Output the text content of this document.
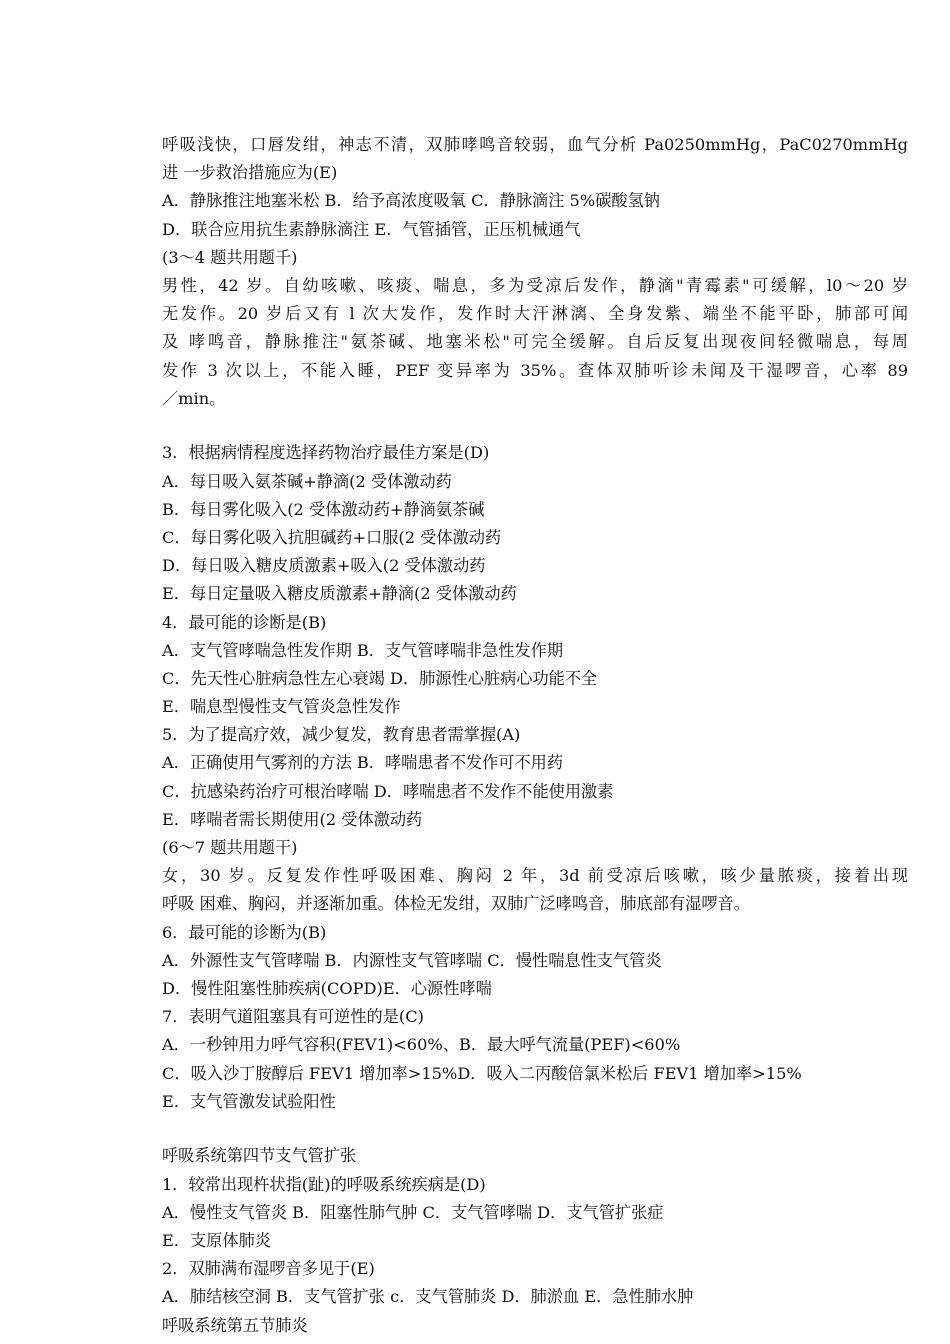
呼吸浅快，口唇发绀，神志不清，双肺哮鸣音较弱，血气分析 Pa0250mmHg，PaC0270mmHg
进 一步救治措施应为(E)
A．静脉推注地塞米松 B．给予高浓度吸氧 C．静脉滴注 5%碳酸氢钠
D．联合应用抗生素静脉滴注 E．气管插管，正压机械通气
(3～4 题共用题千)
男性，42 岁。自幼咳嗽、咳痰、喘息，多为受凉后发作，静滴"青霉素"可缓解，l0～20 岁
无发作。20 岁后又有 l 次大发作，发作时大汗淋漓、全身发紫、端坐不能平卧，肺部可闻
及 哮鸣音，静脉推注"氨茶碱、地塞米松"可完全缓解。自后反复出现夜间轻微喘息，每周
发作 3 次以上，不能入睡，PEF 变异率为 35%。查体双肺听诊未闻及干湿啰音，心率 89
／min。
3．根据病情程度选择药物治疗最佳方案是(D)
A．每日吸入氨茶碱+静滴(2 受体激动药
B．每日雾化吸入(2 受体激动药+静滴氨茶碱
C．每日雾化吸入抗胆碱药+口服(2 受体激动药
D．每日吸入糖皮质激素+吸入(2 受体激动药
E．每日定量吸入糖皮质激素+静滴(2 受体激动药
4．最可能的诊断是(B)
A．支气管哮喘急性发作期 B．支气管哮喘非急性发作期
C．先天性心脏病急性左心衰竭 D．肺源性心脏病心功能不全
E．喘息型慢性支气管炎急性发作
5．为了提高疗效，减少复发，教育患者需掌握(A)
A．正确使用气雾剂的方法 B．哮喘患者不发作可不用药
C．抗感染药治疗可根治哮喘 D．哮喘患者不发作不能使用激素
E．哮喘者需长期使用(2 受体激动药
(6～7 题共用题干)
女，30 岁。反复发作性呼吸困难、胸闷 2 年，3d 前受凉后咳嗽，咳少量脓痰，接着出现
呼吸 困难、胸闷，并逐渐加重。体检无发绀，双肺广泛哮鸣音，肺底部有湿啰音。
6．最可能的诊断为(B)
A．外源性支气管哮喘 B．内源性支气管哮喘 C．慢性喘息性支气管炎
D．慢性阻塞性肺疾病(COPD)E．心源性哮喘
7．表明气道阻塞具有可逆性的是(C)
A．一秒钟用力呼气容积(FEV1)<60%、B．最大呼气流量(PEF)<60%
C．吸入沙丁胺醇后 FEV1 增加率>15%D．吸入二丙酸倍氯米松后 FEV1 增加率>15%
E．支气管激发试验阳性
呼吸系统第四节支气管扩张
1．较常出现杵状指(趾)的呼吸系统疾病是(D)
A．慢性支气管炎 B．阻塞性肺气肿 C．支气管哮喘 D．支气管扩张症
E．支原体肺炎
2．双肺满布湿啰音多见于(E)
A．肺结核空洞 B．支气管扩张 c．支气管肺炎 D．肺淤血 E．急性肺水肿
呼吸系统第五节肺炎
